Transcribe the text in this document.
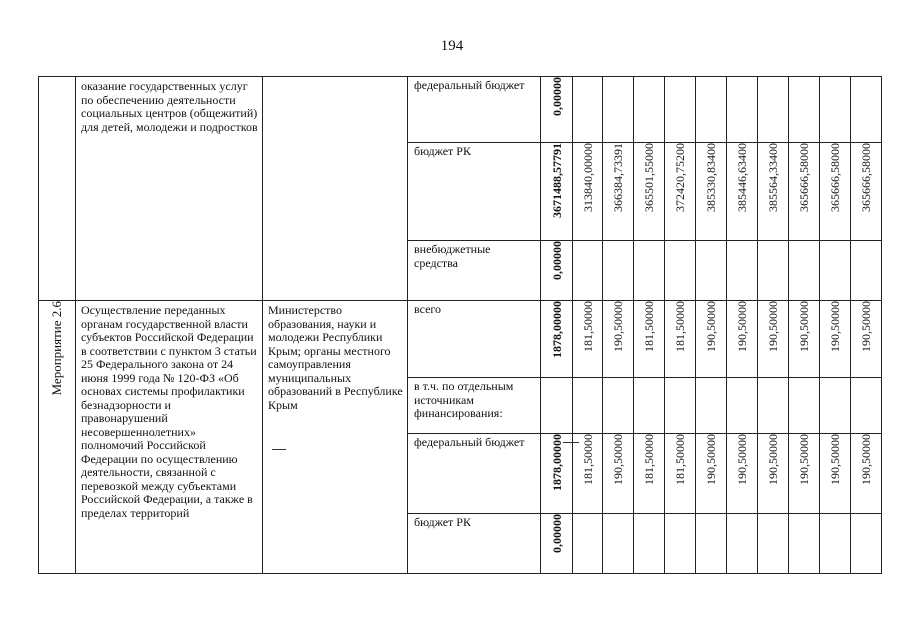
194

	оказание государственных услуг по обеспечению деятельности социальных центров (общежитий) для детей, молодежи и подростков		федеральный бюджет	0,00000										

			бюджет РК	3671488,57791	313840,00000	366384,73391	365501,55000	372420,75200	385330,83400	385446,63400	385564,33400	365666,58000	365666,58000	365666,58000

			внебюджетные средства	0,00000										

Мероприятие 2.6	Осуществление переданных органам государственной власти субъектов Российской Федерации в соответствии с пунктом 3 статьи 25 Федерального закона от 24 июня 1999 года № 120-ФЗ «Об основах системы профилактики безнадзорности и правонарушений несовершеннолетних» полномочий Российской Федерации по осуществлению деятельности, связанной с перевозкой между субъектами Российской Федерации, а также в пределах территорий	Министерство образования, науки и молодежи Республики Крым; органы местного самоуправления муниципальных образований в Республике Крым	всего	1878,00000	181,50000	190,50000	181,50000	181,50000	190,50000	190,50000	190,50000	190,50000	190,50000	190,50000

			в т.ч. по отдельным источникам финансирования:											

			федеральный бюджет	1878,00000	181,50000	190,50000	181,50000	181,50000	190,50000	190,50000	190,50000	190,50000	190,50000	190,50000

			бюджет РК	0,00000										
